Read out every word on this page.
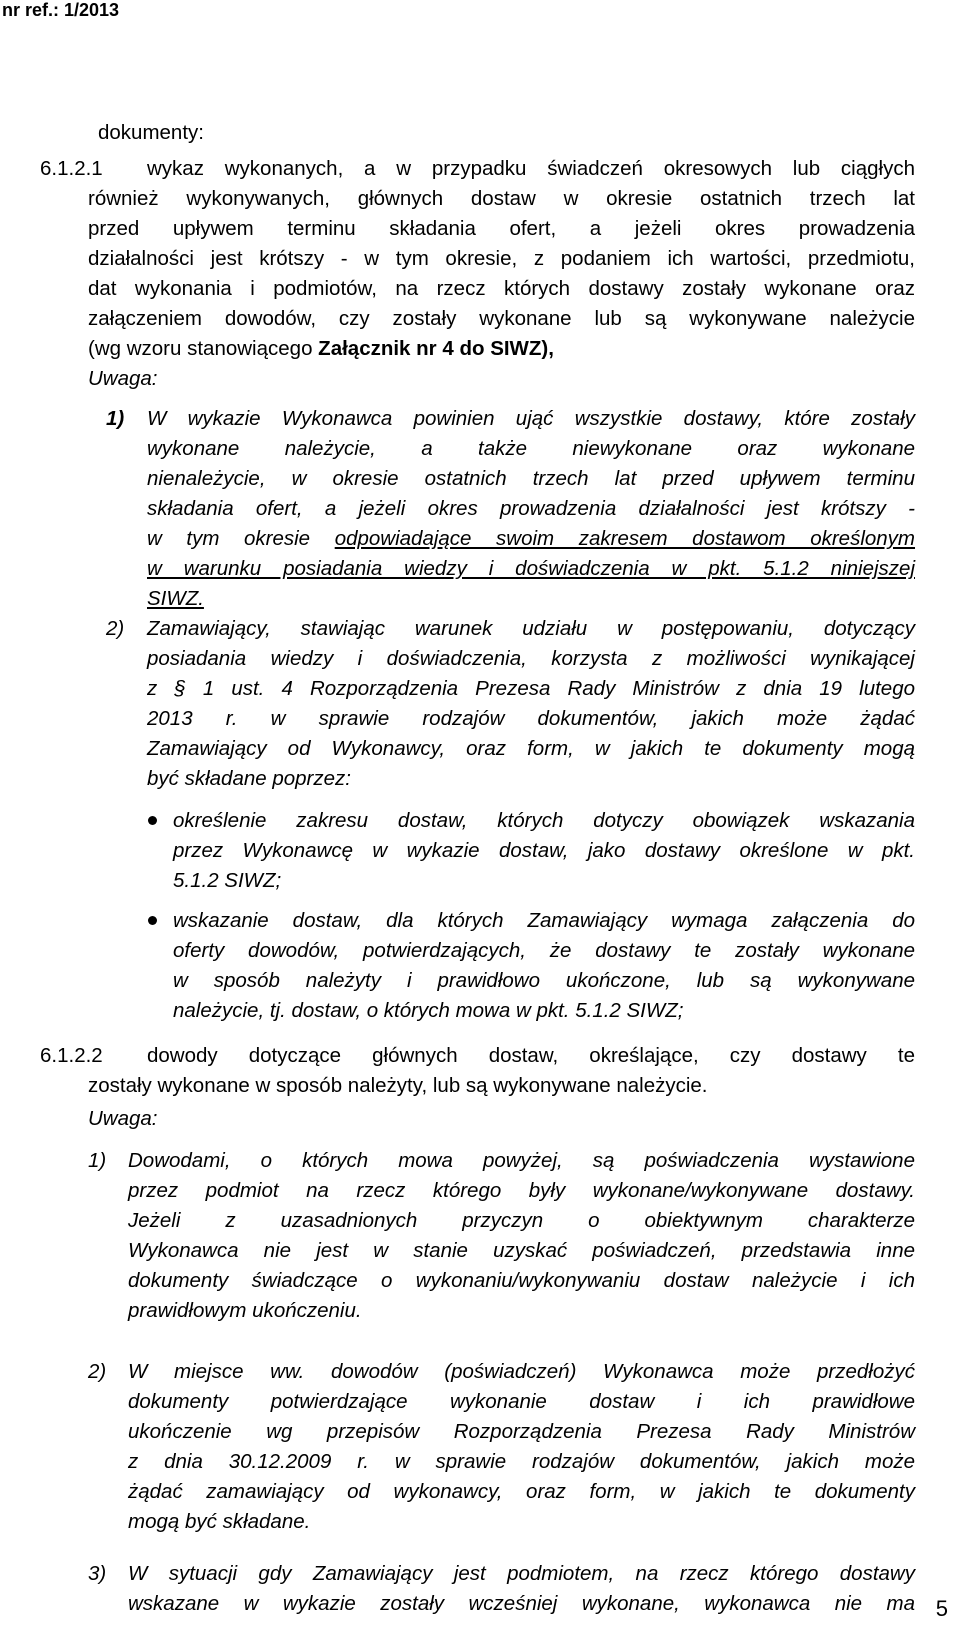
nr ref.: 1/2013
dokumenty:
6.1.2.1 wykaz wykonanych, a w przypadku świadczeń okresowych lub ciągłych

również wykonywanych, głównych dostaw w okresie ostatnich trzech lat

przed upływem terminu składania ofert, a jeżeli okres prowadzenia

działalności jest krótszy - w tym okresie, z podaniem ich wartości, przedmiotu,

dat wykonania i podmiotów, na rzecz których dostawy zostały wykonane oraz

załączeniem dowodów, czy zostały wykonane lub są wykonywane należycie

(wg wzoru stanowiącego Załącznik nr 4 do SIWZ),

Uwaga:
1) W wykazie Wykonawca powinien ująć wszystkie dostawy, które zostały

wykonane należycie, a także niewykonane oraz wykonane

nienależycie, w okresie ostatnich trzech lat przed upływem terminu

składania ofert, a jeżeli okres prowadzenia działalności jest krótszy -

w tym okresie odpowiadające swoim zakresem dostawom określonym

w warunku posiadania wiedzy i doświadczenia w pkt. 5.1.2 niniejszej

SIWZ.

2) Zamawiający, stawiając warunek udziału w postępowaniu, dotyczący

posiadania wiedzy i doświadczenia, korzysta z możliwości wynikającej

z § 1 ust. 4 Rozporządzenia Prezesa Rady Ministrów z dnia 19 lutego

2013 r. w sprawie rodzajów dokumentów, jakich może żądać

Zamawiający od Wykonawcy, oraz form, w jakich te dokumenty mogą

być składane poprzez:

określenie zakresu dostaw, których dotyczy obowiązek wskazania

przez Wykonawcę w wykazie dostaw, jako dostawy określone w pkt.

5.1.2 SIWZ;

wskazanie dostaw, dla których Zamawiający wymaga załączenia do

oferty dowodów, potwierdzających, że dostawy te zostały wykonane

w sposób należyty i prawidłowo ukończone, lub są wykonywane

należycie, tj. dostaw, o których mowa w pkt. 5.1.2 SIWZ;

6.1.2.2 dowody dotyczące głównych dostaw, określające, czy dostawy te

zostały wykonane w sposób należyty, lub są wykonywane należycie.

Uwaga:
1) Dowodami, o których mowa powyżej, są poświadczenia wystawione

przez podmiot na rzecz którego były wykonane/wykonywane dostawy.

Jeżeli z uzasadnionych przyczyn o obiektywnym charakterze

Wykonawca nie jest w stanie uzyskać poświadczeń, przedstawia inne

dokumenty świadczące o wykonaniu/wykonywaniu dostaw należycie i ich

prawidłowym ukończeniu.

2) W miejsce ww. dowodów (poświadczeń) Wykonawca może przedłożyć

dokumenty potwierdzające wykonanie dostaw i ich prawidłowe

ukończenie wg przepisów Rozporządzenia Prezesa Rady Ministrów

z dnia 30.12.2009 r. w sprawie rodzajów dokumentów, jakich może

żądać zamawiający od wykonawcy, oraz form, w jakich te dokumenty

mogą być składane.

3) W sytuacji gdy Zamawiający jest podmiotem, na rzecz którego dostawy

wskazane w wykazie zostały wcześniej wykonane, wykonawca nie ma 5
